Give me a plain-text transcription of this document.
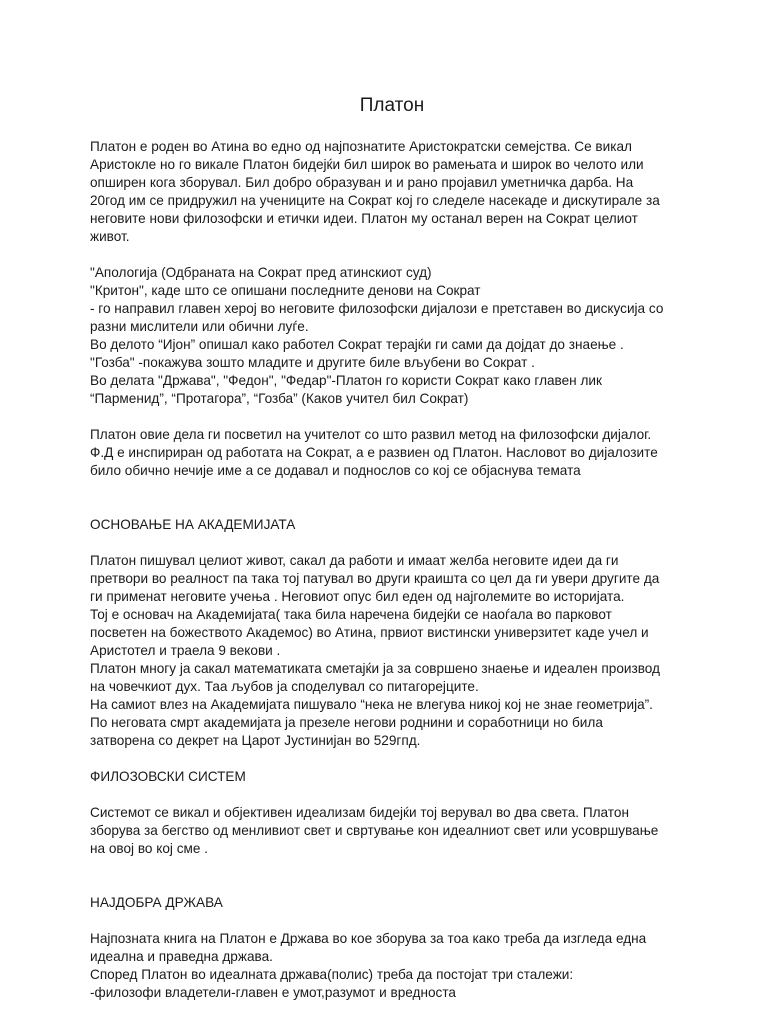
Платон

Платон е роден во Атина во едно од најпознатите Аристократски семејства. Се викал

Аристокле но го викале Платон бидејќи бил широк во рамењата и широк во челото или

опширен кога зборувал. Бил добро образуван и и рано пројавил уметничка дарба. На

20год им се придружил на учениците на Сократ кој го следеле насекаде и дискутирале за

неговите нови филозофски и етички идеи. Платон му останал верен на Сократ целиот

живот.

"Апологија (Одбраната на Сократ пред атинскиот суд)

"Критон", каде што се опишани последните денови на Сократ

- го направил главен херој во неговите филозофски дијалози е претставен во дискусија со

разни мислители или обични луѓе.

Во делото “Ијон” опишал како работел Сократ терајќи ги сами да дојдат до знаење .

"Гозба" -покажува зошто младите и другите биле вљубени во Сократ .

Во делата "Држава", "Федон", "Федар"-Платон го користи Сократ како главен лик

“Парменид”, “Протагора”, “Гозба” (Каков учител бил Сократ)

Платон овие дела ги посветил на учителот со што развил метод на филозофски дијалог.

Ф.Д е инспириран од работата на Сократ, а е развиен од Платон. Насловот во дијалозите

било обично нечије име а се додавал и поднослов со кој се објаснува темата

ОСНОВАЊЕ НА АКАДЕМИЈАТА

Платон пишувал целиот живот, сакал да работи и имаат желба неговите идеи да ги

претвори во реалност па така тој патувал во други краишта со цел да ги увери другите да

ги применат неговите учења . Неговиот опус бил еден од најголемите во историјата.

Тој е основач на Академијата( така била наречена бидејќи се наоѓала во парковот

посветен на божеството Академос) во Атина, првиот вистински универзитет каде учел и

Аристотел и траела 9 векови .

Платон многу ја сакал математиката сметајќи ја за совршено знаење и идеален производ

на човечкиот дух. Таа љубов ја споделувал со питагорејците.

На самиот влез на Академијата пишувало “нека не влегува никој кој не знае геометрија”.

По неговата смрт академијата ја презеле негови роднини и соработници но била

затворена со декрет на Царот Јустинијан во 529гпд.

ФИЛОЗОВСКИ СИСТЕМ

Системот се викал и објективен идеализам бидејќи тој верувал во два света. Платон

зборува за бегство од менливиот свет и свртување кон идеалниот свет или усовршување

на овој во кој сме .

НАЈДОБРА ДРЖАВА

Најпозната книга на Платон е Држава во кое зборува за тоа како треба да изгледа една

идеална и праведна држава.

Според Платон во идеалната држава(полис) треба да постојат три сталежи:

-филозофи владетели-главен е умот,разумот и вредноста
